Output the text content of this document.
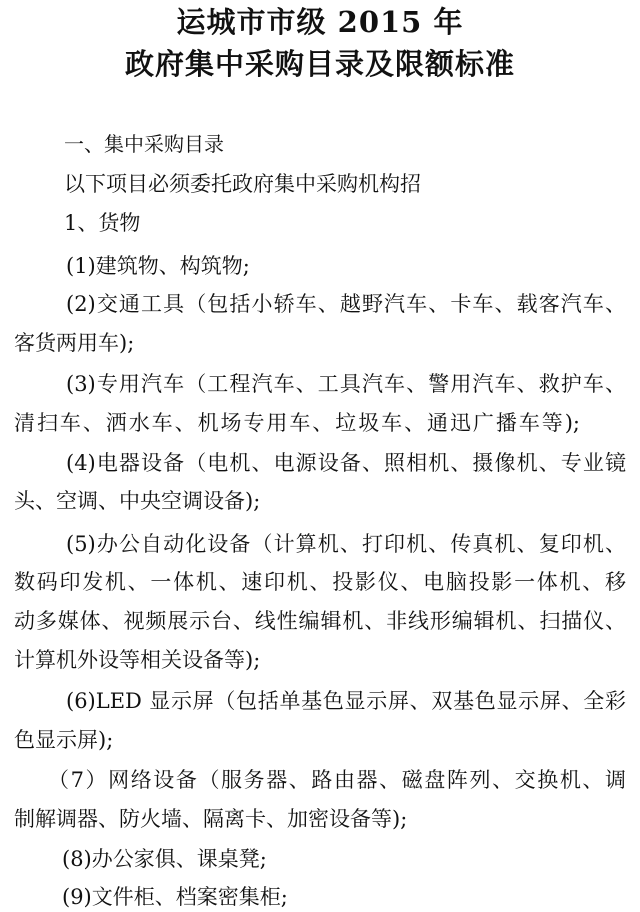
运城市市级 2015 年
政府集中采购目录及限额标准
一、集中采购目录
以下项目必须委托政府集中采购机构招
1、货物
(1)建筑物、构筑物;
(2)交通工具（包括小轿车、越野汽车、卡车、载客汽车、
客货两用车);
(3)专用汽车（工程汽车、工具汽车、警用汽车、救护车、
清扫车、洒水车、机场专用车、垃圾车、通迅广播车等);
(4)电器设备（电机、电源设备、照相机、摄像机、专业镜
头、空调、中央空调设备);
(5)办公自动化设备（计算机、打印机、传真机、复印机、
数码印发机、一体机、速印机、投影仪、电脑投影一体机、移
动多媒体、视频展示台、线性编辑机、非线形编辑机、扫描仪、
计算机外设等相关设备等);
(6)LED 显示屏（包括单基色显示屏、双基色显示屏、全彩
色显示屏);
（7）网络设备（服务器、路由器、磁盘阵列、交换机、调
制解调器、防火墙、隔离卡、加密设备等);
(8)办公家俱、课桌凳;
(9)文件柜、档案密集柜;
